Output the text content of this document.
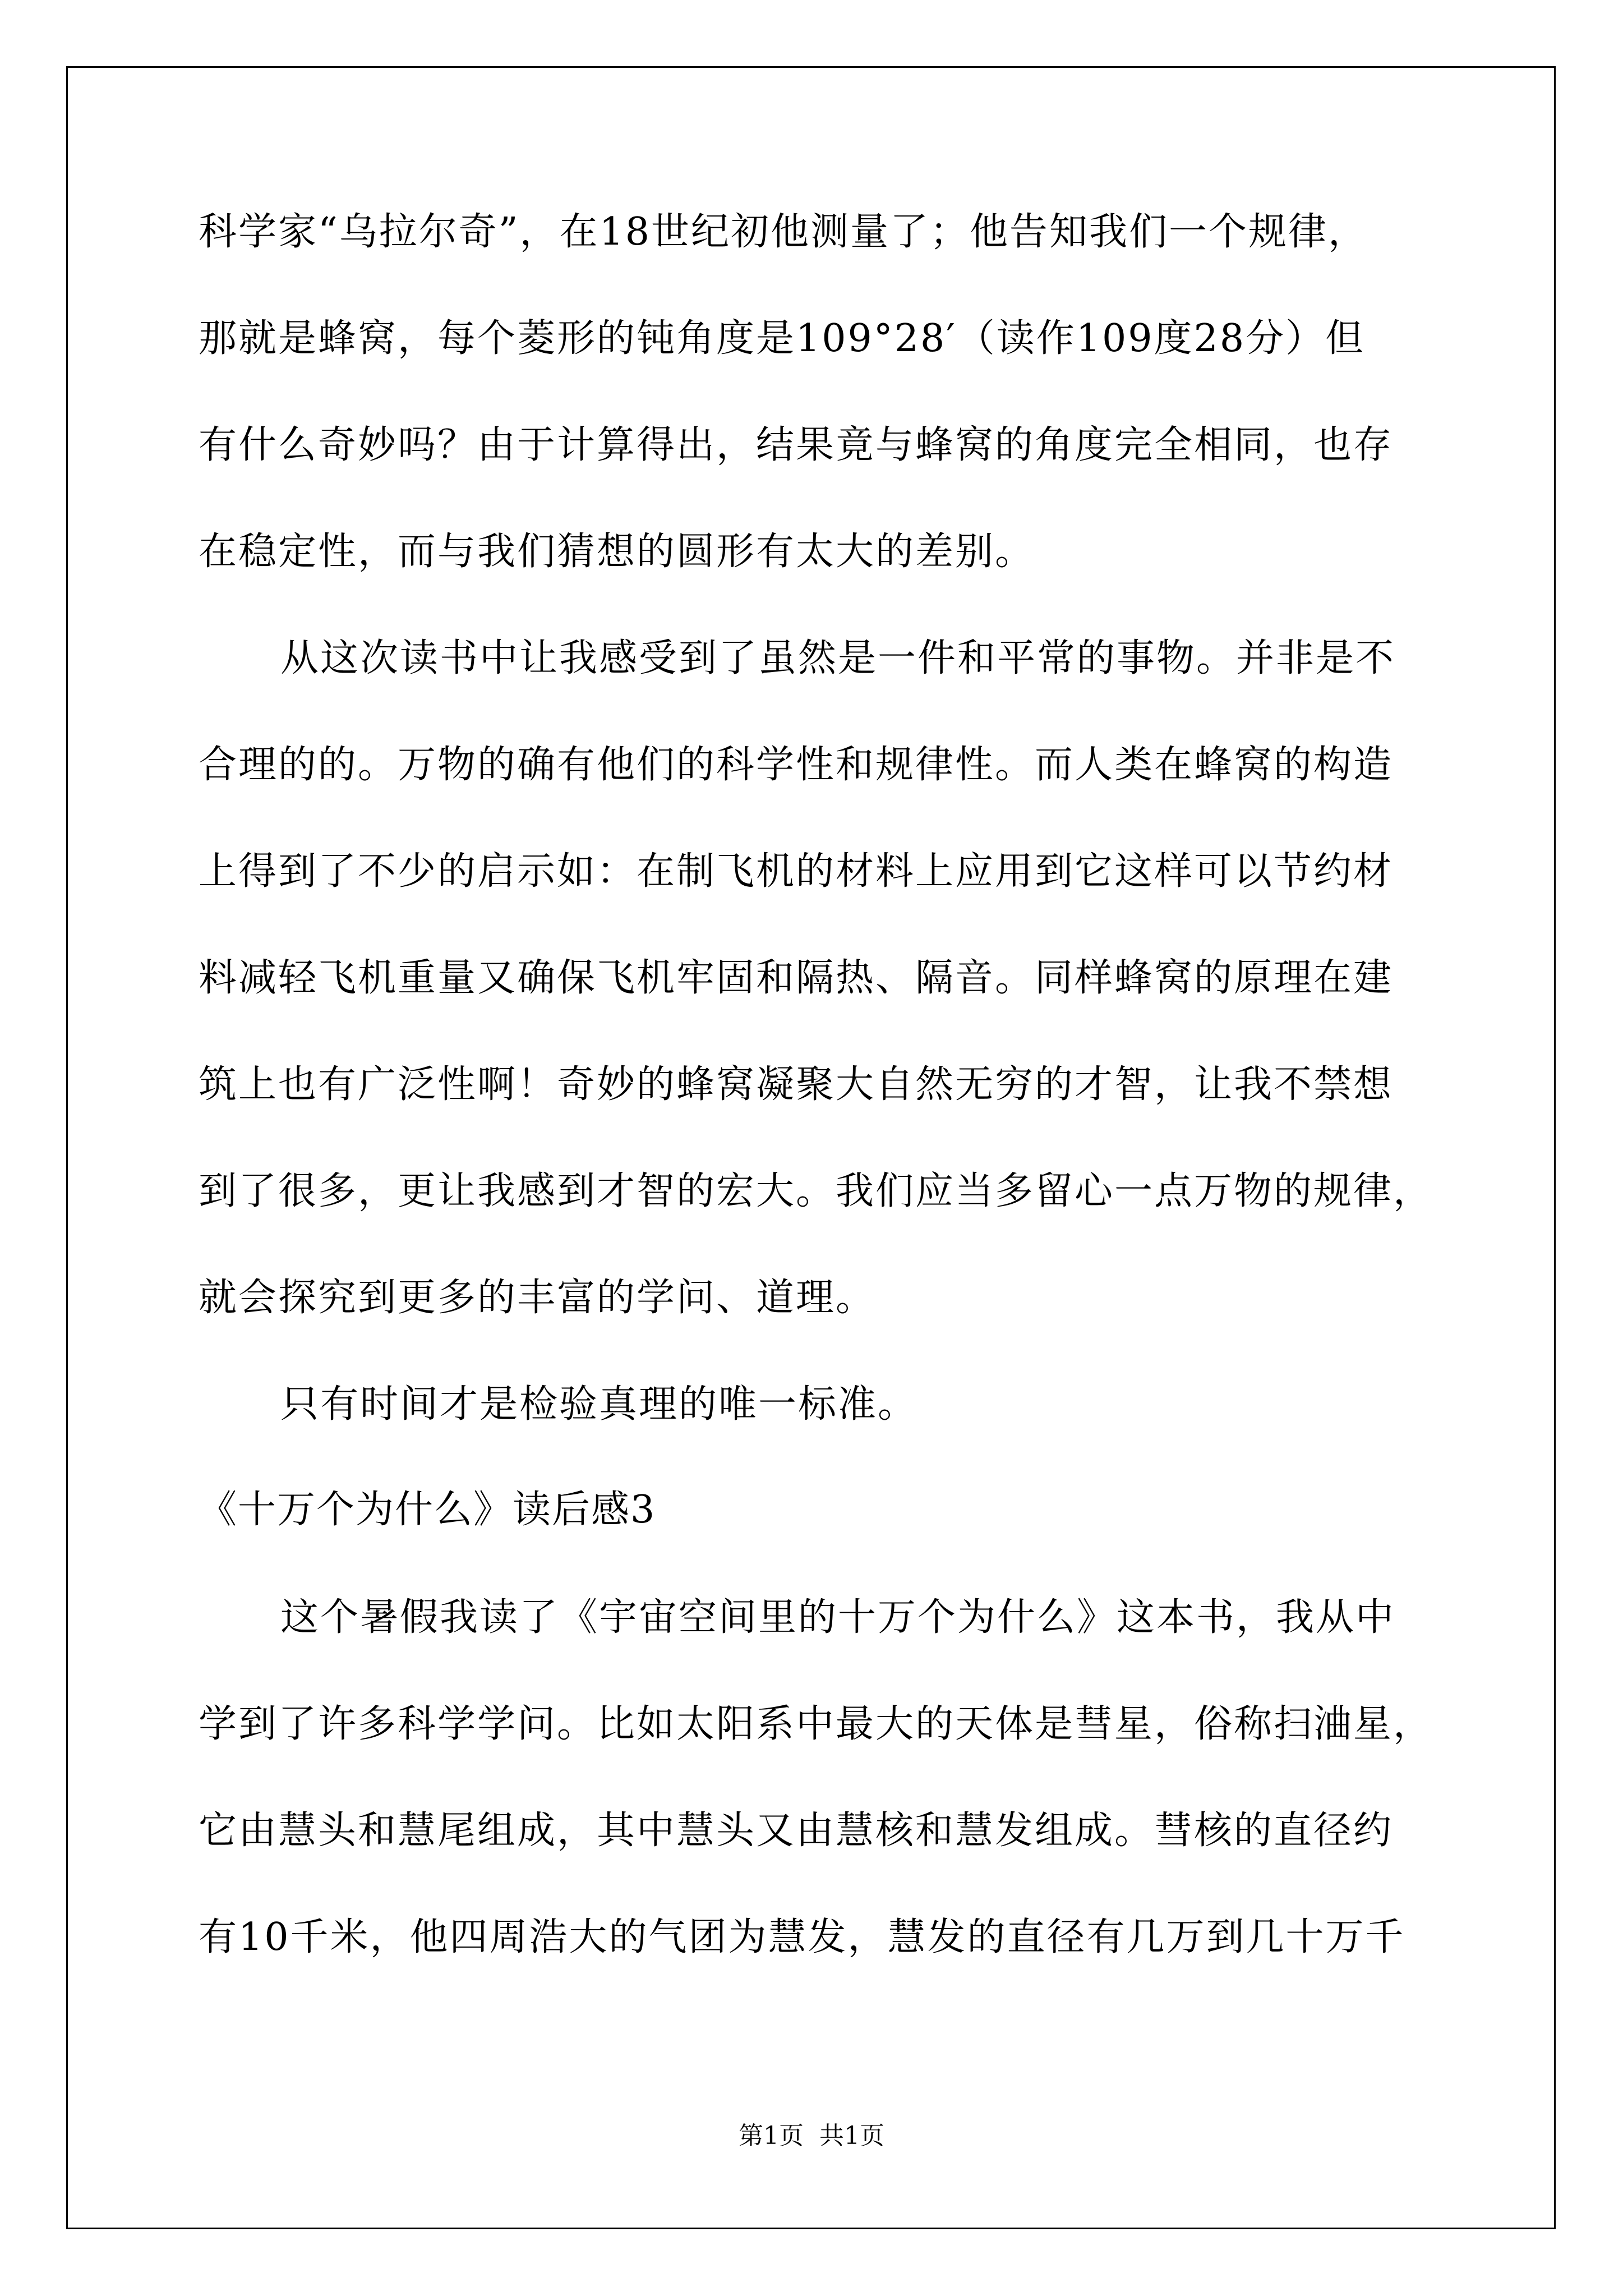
科学家“乌拉尔奇”，在18世纪初他测量了；他告知我们一个规律，
那就是蜂窝，每个菱形的钝角度是109°28′（读作109度28分）但
有什么奇妙吗？由于计算得出，结果竟与蜂窝的角度完全相同，也存
在稳定性，而与我们猜想的圆形有太大的差别。
从这次读书中让我感受到了虽然是一件和平常的事物。并非是不
合理的的。万物的确有他们的科学性和规律性。而人类在蜂窝的构造
上得到了不少的启示如：在制飞机的材料上应用到它这样可以节约材
料减轻飞机重量又确保飞机牢固和隔热、隔音。同样蜂窝的原理在建
筑上也有广泛性啊！奇妙的蜂窝凝聚大自然无穷的才智，让我不禁想
到了很多，更让我感到才智的宏大。我们应当多留心一点万物的规律，
就会探究到更多的丰富的学问、道理。
只有时间才是检验真理的唯一标准。
《十万个为什么》读后感3
这个暑假我读了《宇宙空间里的十万个为什么》这本书，我从中
学到了许多科学学问。比如太阳系中最大的天体是彗星，俗称扫浀星，
它由慧头和慧尾组成，其中慧头又由慧核和慧发组成。彗核的直径约
有10千米，他四周浩大的气团为慧发，慧发的直径有几万到几十万千
第1页  共1页
